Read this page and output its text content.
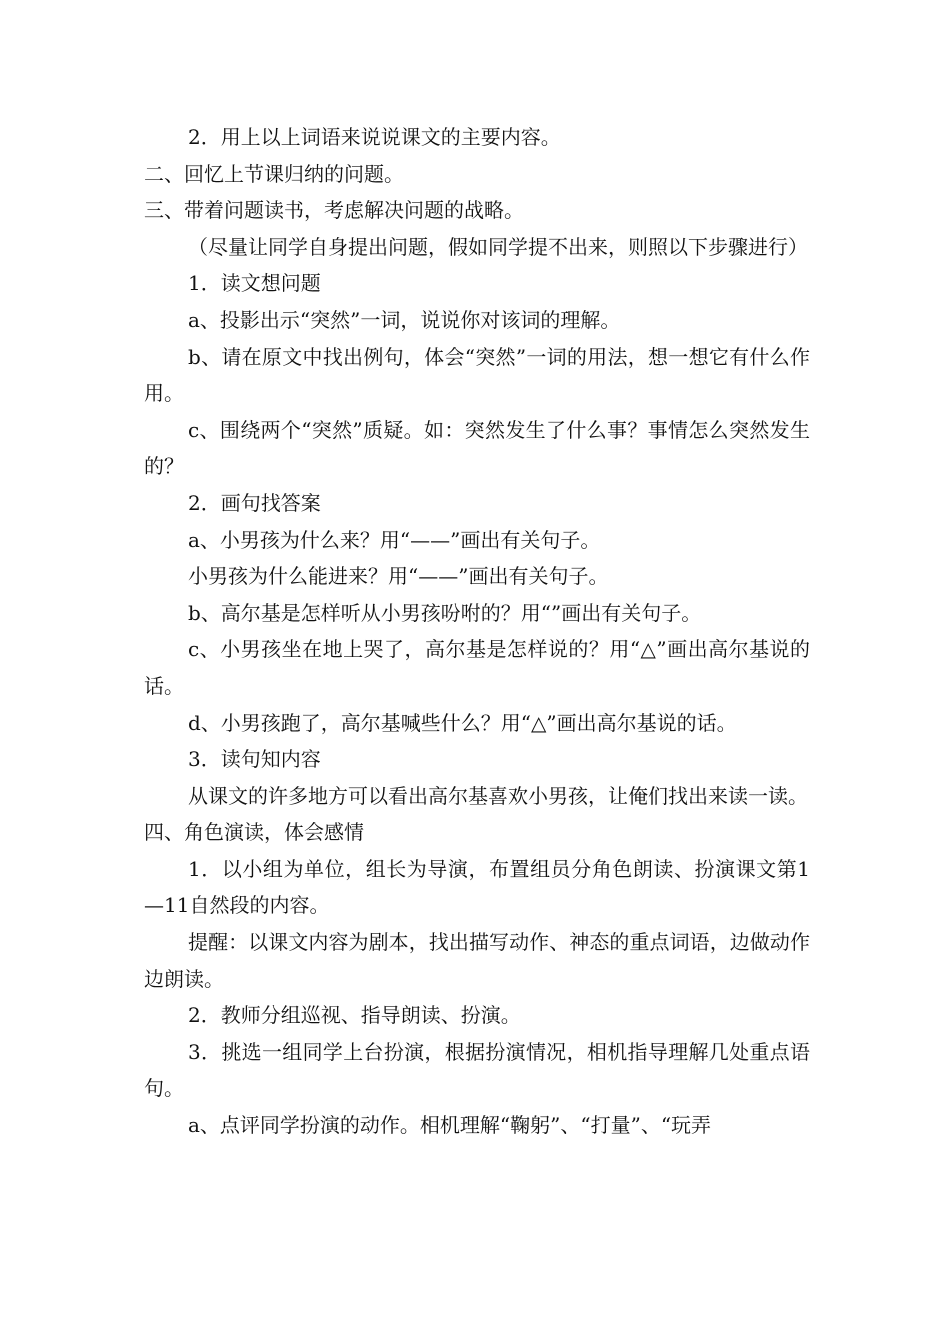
2．用上以上词语来说说课文的主要内容。

二、回忆上节课归纳的问题。

三、带着问题读书，考虑解决问题的战略。

（尽量让同学自身提出问题，假如同学提不出来，则照以下步骤进行）

1．读文想问题

a、投影出示“突然”一词，说说你对该词的理解。

b、请在原文中找出例句，体会“突然”一词的用法，想一想它有什么作用。

c、围绕两个“突然”质疑。如：突然发生了什么事？事情怎么突然发生的？

2．画句找答案

a、小男孩为什么来？用“——”画出有关句子。

小男孩为什么能进来？用“——”画出有关句子。

b、高尔基是怎样听从小男孩吩咐的？用“”画出有关句子。

c、小男孩坐在地上哭了，高尔基是怎样说的？用“△”画出高尔基说的话。

d、小男孩跑了，高尔基喊些什么？用“△”画出高尔基说的话。

3．读句知内容

从课文的许多地方可以看出高尔基喜欢小男孩，让俺们找出来读一读。

四、角色演读，体会感情

1．以小组为单位，组长为导演，布置组员分角色朗读、扮演课文第1—11自然段的内容。

提醒：以课文内容为剧本，找出描写动作、神态的重点词语，边做动作边朗读。

2．教师分组巡视、指导朗读、扮演。

3．挑选一组同学上台扮演，根据扮演情况，相机指导理解几处重点语句。

a、点评同学扮演的动作。相机理解“鞠躬”、“打量”、“玩弄
